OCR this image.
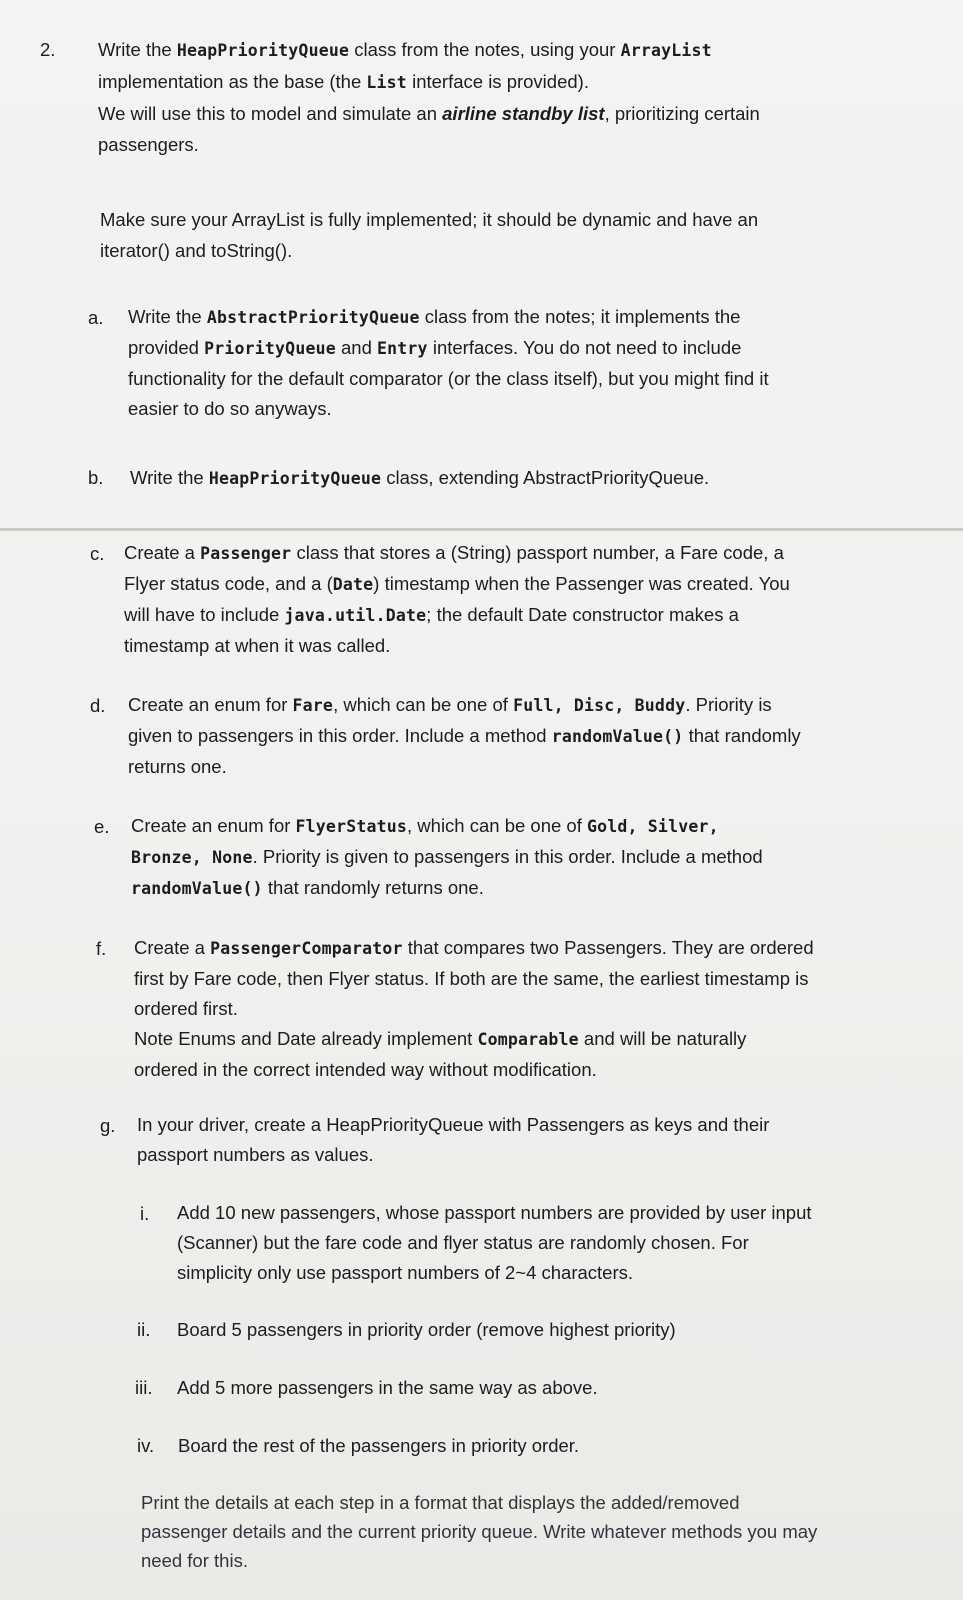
2. Write the HeapPriorityQueue class from the notes, using your ArrayList
implementation as the base (the List interface is provided).
We will use this to model and simulate an airline standby list, prioritizing certain
passengers.
Make sure your ArrayList is fully implemented; it should be dynamic and have an
iterator() and toString().
a. Write the AbstractPriorityQueue class from the notes; it implements the
provided PriorityQueue and Entry interfaces. You do not need to include
functionality for the default comparator (or the class itself), but you might find it
easier to do so anyways.
b. Write the HeapPriorityQueue class, extending AbstractPriorityQueue.
c. Create a Passenger class that stores a (String) passport number, a Fare code, a
Flyer status code, and a (Date) timestamp when the Passenger was created. You
will have to include java.util.Date; the default Date constructor makes a
timestamp at when it was called.
d. Create an enum for Fare, which can be one of Full, Disc, Buddy. Priority is
given to passengers in this order. Include a method randomValue() that randomly
returns one.
e. Create an enum for FlyerStatus, which can be one of Gold, Silver,
Bronze, None. Priority is given to passengers in this order. Include a method
randomValue() that randomly returns one.
f. Create a PassengerComparator that compares two Passengers. They are ordered
first by Fare code, then Flyer status. If both are the same, the earliest timestamp is
ordered first.
Note Enums and Date already implement Comparable and will be naturally
ordered in the correct intended way without modification.
g. In your driver, create a HeapPriorityQueue with Passengers as keys and their
passport numbers as values.
i. Add 10 new passengers, whose passport numbers are provided by user input
(Scanner) but the fare code and flyer status are randomly chosen. For
simplicity only use passport numbers of 2~4 characters.
ii. Board 5 passengers in priority order (remove highest priority)
iii. Add 5 more passengers in the same way as above.
iv. Board the rest of the passengers in priority order.
Print the details at each step in a format that displays the added/removed
passenger details and the current priority queue. Write whatever methods you may
need for this.
